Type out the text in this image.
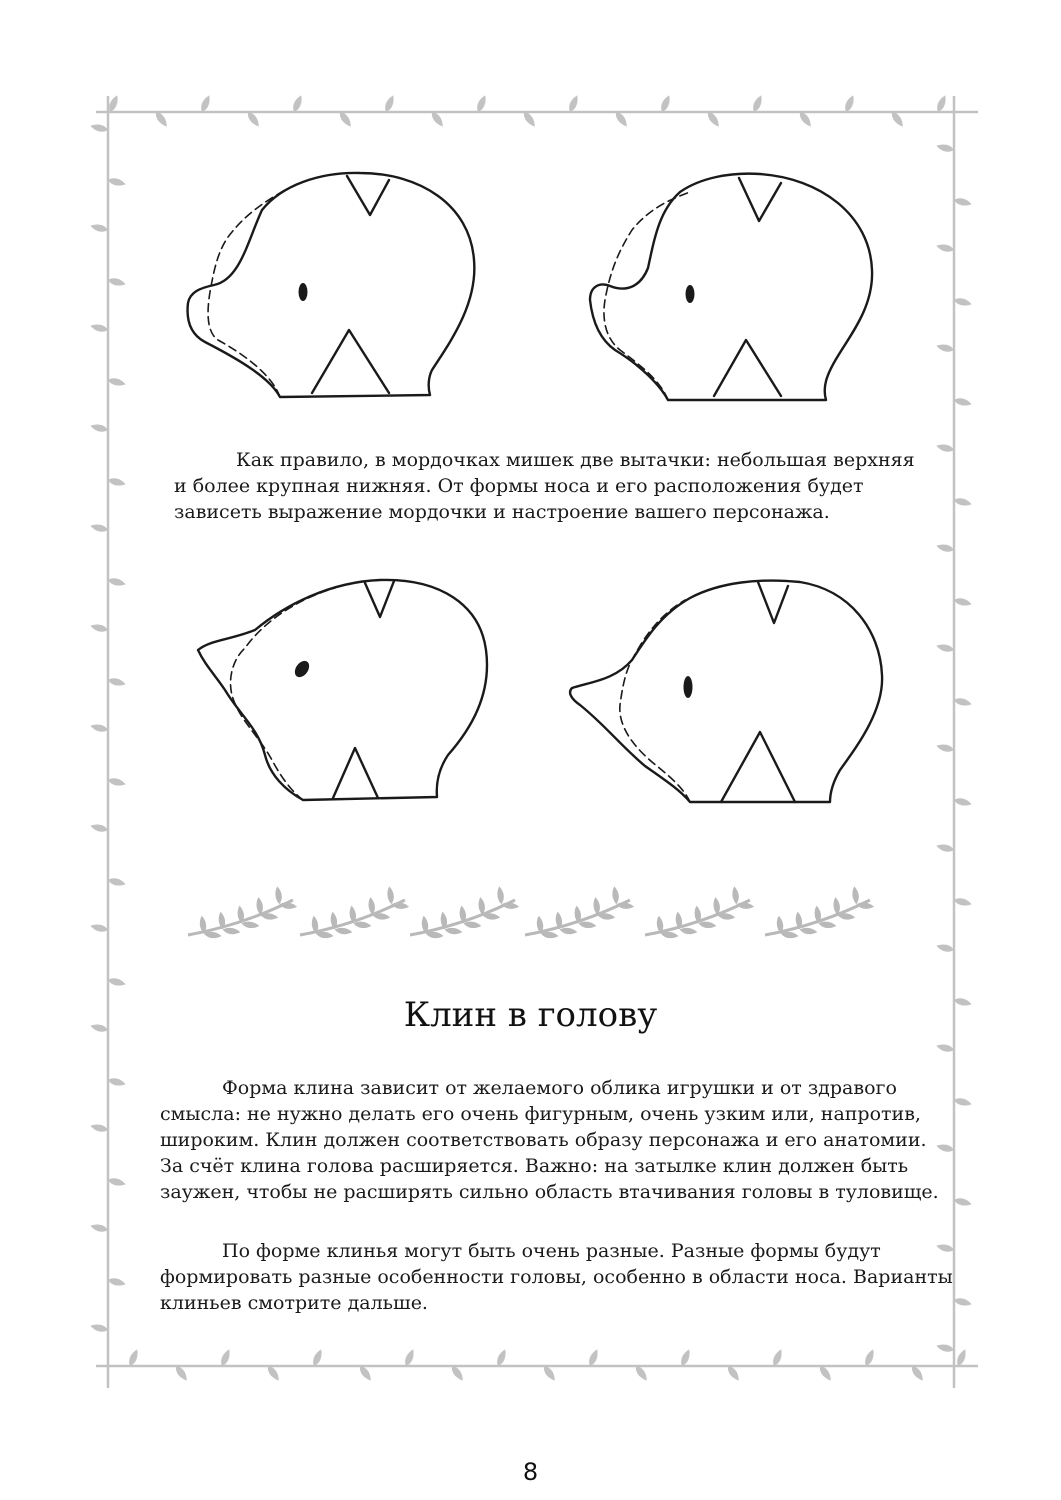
Как правило, в мордочках мишек две вытачки: небольшая верхняя
и более крупная нижняя. От формы носа и его расположения будет
зависеть выражение мордочки и настроение вашего персонажа.
Клин в голову
Форма клина зависит от желаемого облика игрушки и от здравого
смысла: не нужно делать его очень фигурным, очень узким или, напротив,
широким. Клин должен соответствовать образу персонажа и его анатомии.
За счёт клина голова расширяется. Важно: на затылке клин должен быть
заужен, чтобы не расширять сильно область втачивания головы в туловище.
По форме клинья могут быть очень разные. Разные формы будут
формировать разные особенности головы, особенно в области носа. Варианты
клиньев смотрите дальше.
8
